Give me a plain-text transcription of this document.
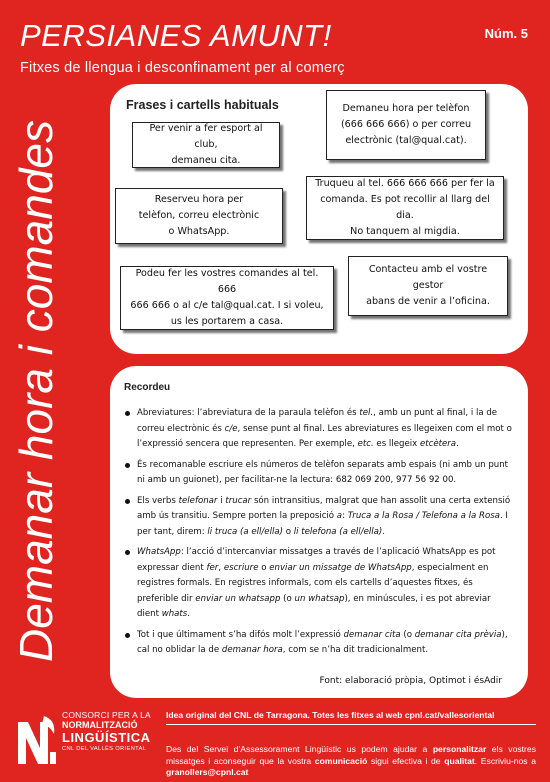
PERSIANES AMUNT!	Núm. 5
Fitxes de llengua i desconfinament per al comerç
Demanar hora i comandes
Frases i cartells habituals
Per venir a fer esport al club,
demaneu cita.
Demaneu hora per telèfon
(666 666 666) o per correu
electrònic (tal@qual.cat).
Reserveu hora per
telèfon, correu electrònic
o WhatsApp.
Truqueu al tel. 666 666 666 per fer la
comanda. Es pot recollir al llarg del dia.
No tanquem al migdia.
Podeu fer les vostres comandes al tel. 666
666 666 o al c/e tal@qual.cat. I si voleu,
us les portarem a casa.
Contacteu amb el vostre gestor
abans de venir a l’oficina.
Recordeu
Abreviatures: l’abreviatura de la paraula telèfon és tel., amb un punt al final, i la de correu electrònic és c/e, sense punt al final. Les abreviatures es llegeixen com el mot o l’expressió sencera que representen. Per exemple, etc. es llegeix etcètera.
És recomanable escriure els números de telèfon separats amb espais (ni amb un punt ni amb un guionet), per facilitar-ne la lectura: 682 069 200, 977 56 92 00.
Els verbs telefonar i trucar són intransitius, malgrat que han assolit una certa extensió amb ús transitiu. Sempre porten la preposició a: Truca a la Rosa / Telefona a la Rosa. I per tant, direm: li truca (a ell/ella) o li telefona (a ell/ella).
WhatsApp: l’acció d’intercanviar missatges a través de l’aplicació WhatsApp es pot expressar dient fer, escriure o enviar un missatge de WhatsApp, especialment en registres formals. En registres informals, com els cartells d’aquestes fitxes, és preferible dir enviar un whatsapp (o un whatsap), en minúscules, i es pot abreviar dient whats.
Tot i que últimament s’ha difós molt l’expressió demanar cita (o demanar cita prèvia), cal no oblidar la de demanar hora, com se n’ha dit tradicionalment.
Font: elaboració pròpia, Optimot i ésAdir
CONSORCI PER A LA
NORMALITZACIÓ
LINGÜÍSTICA
CNL DEL VALLÈS ORIENTAL
Idea original del CNL de Tarragona. Totes les fitxes al web cpnl.cat/vallesoriental
Des del Servei d’Assessorament Lingüístic us podem ajudar a personalitzar els vostres missatges i aconseguir que la vostra comunicació sigui efectiva i de qualitat. Escriviu-nos a granollers@cpnl.cat
